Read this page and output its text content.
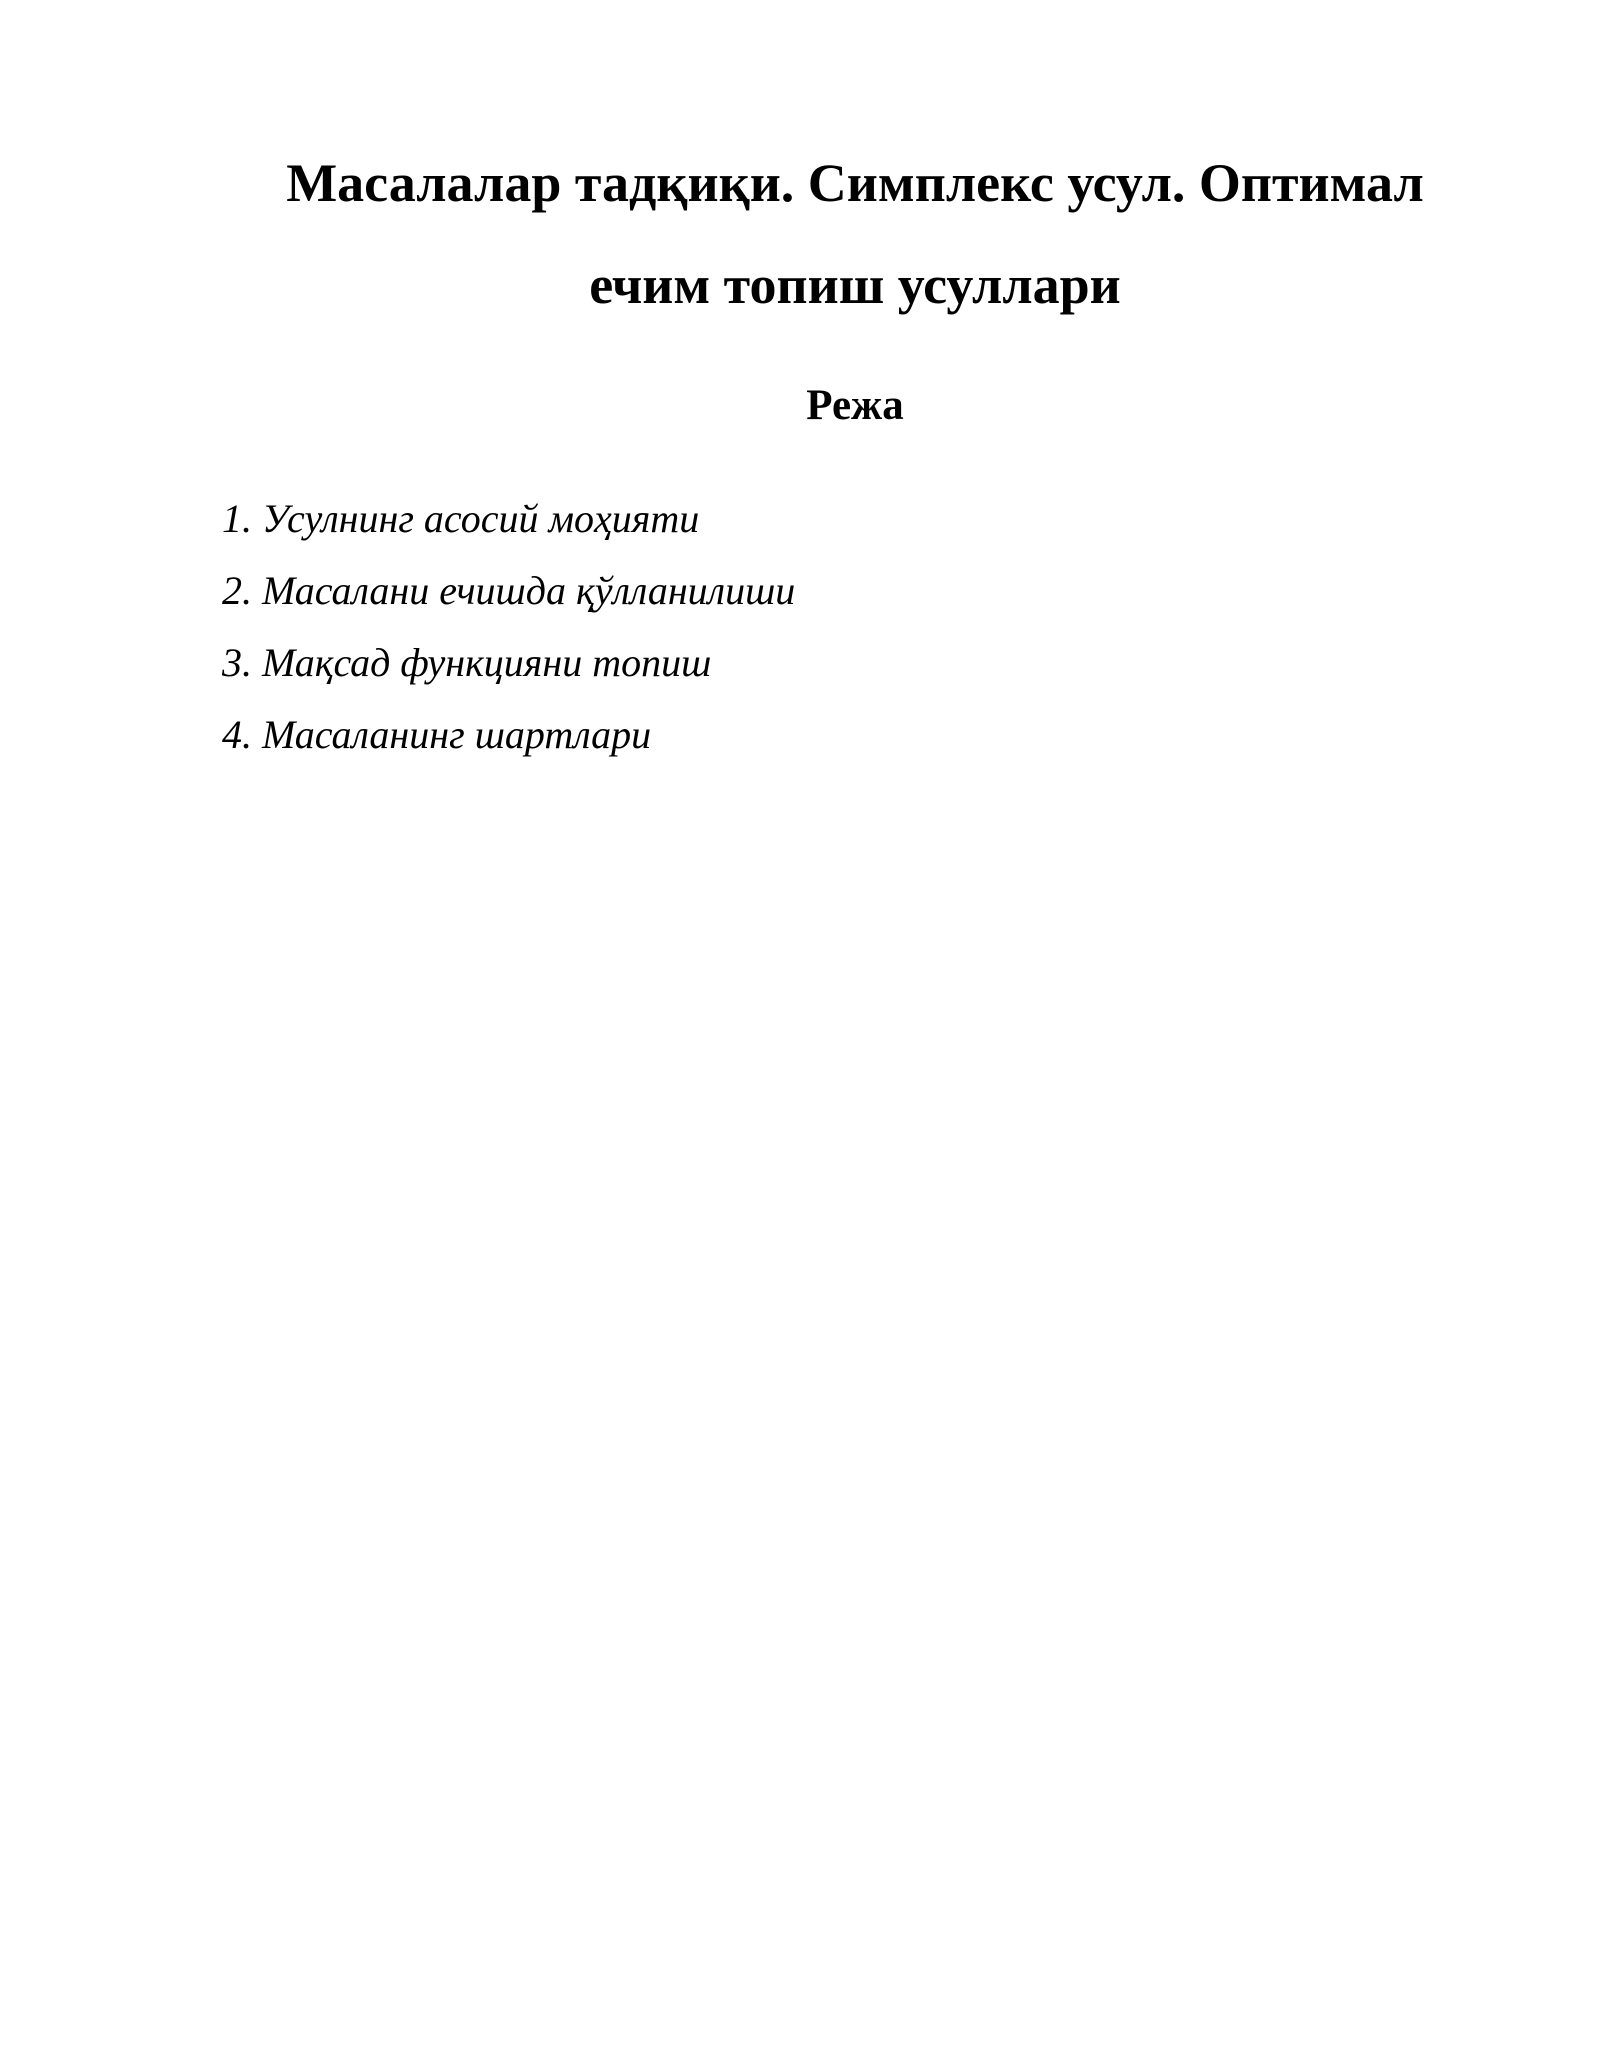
Масалалар тадқиқи. Симплекс усул. Оптимал
ечим топиш усуллари
Режа
1. Усулнинг асосий моҳияти
2. Масалани ечишда қўлланилиши
3. Мақсад функцияни топиш
4. Масаланинг шартлари
